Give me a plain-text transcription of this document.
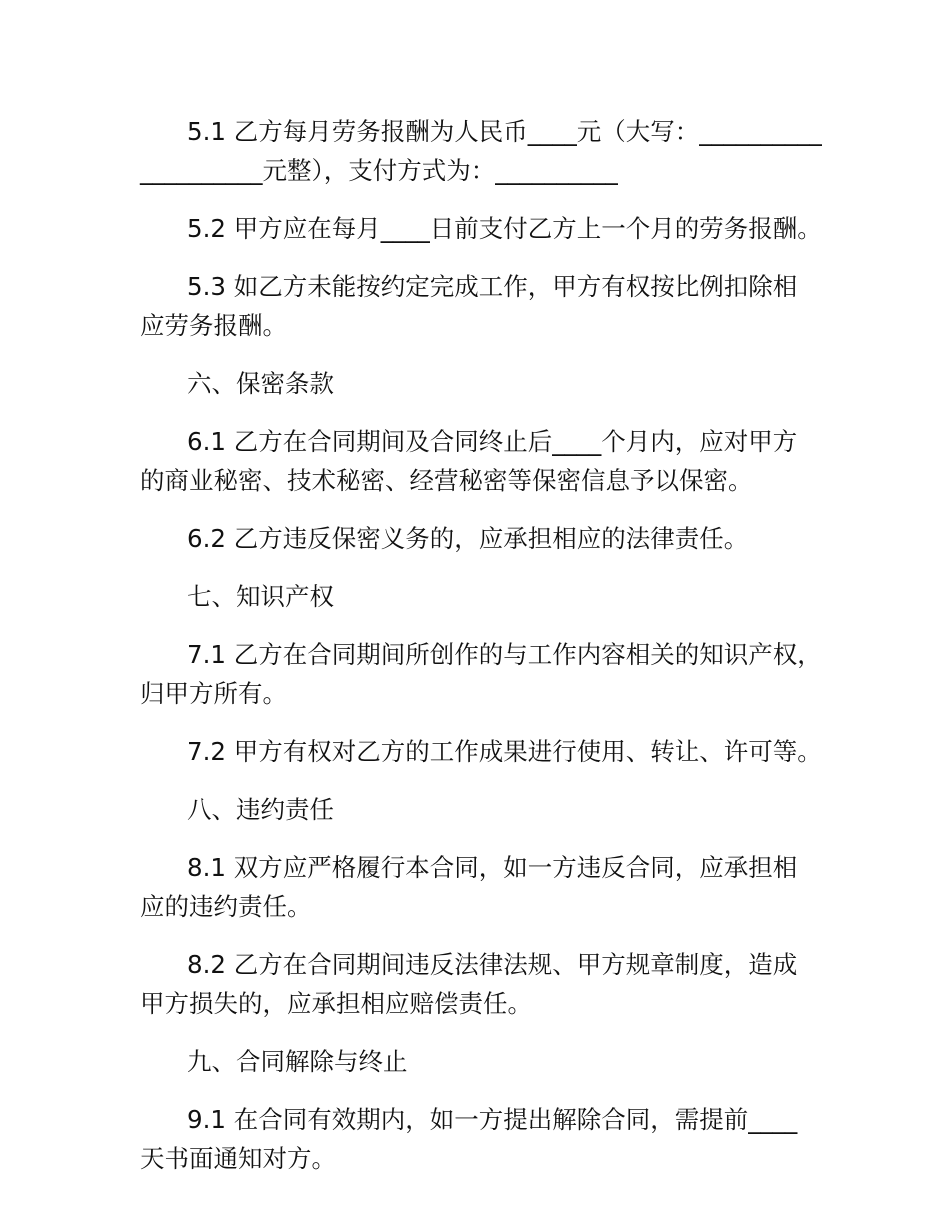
5.1 乙方每月劳务报酬为人民币____元（大写：__________
__________元整），支付方式为：__________

5.2 甲方应在每月____日前支付乙方上一个月的劳务报酬。

5.3 如乙方未能按约定完成工作，甲方有权按比例扣除相
应劳务报酬。

六、保密条款

6.1 乙方在合同期间及合同终止后____个月内，应对甲方
的商业秘密、技术秘密、经营秘密等保密信息予以保密。

6.2 乙方违反保密义务的，应承担相应的法律责任。

七、知识产权

7.1 乙方在合同期间所创作的与工作内容相关的知识产权，
归甲方所有。

7.2 甲方有权对乙方的工作成果进行使用、转让、许可等。

八、违约责任

8.1 双方应严格履行本合同，如一方违反合同，应承担相
应的违约责任。

8.2 乙方在合同期间违反法律法规、甲方规章制度，造成
甲方损失的，应承担相应赔偿责任。

九、合同解除与终止

9.1 在合同有效期内，如一方提出解除合同，需提前____
天书面通知对方。
